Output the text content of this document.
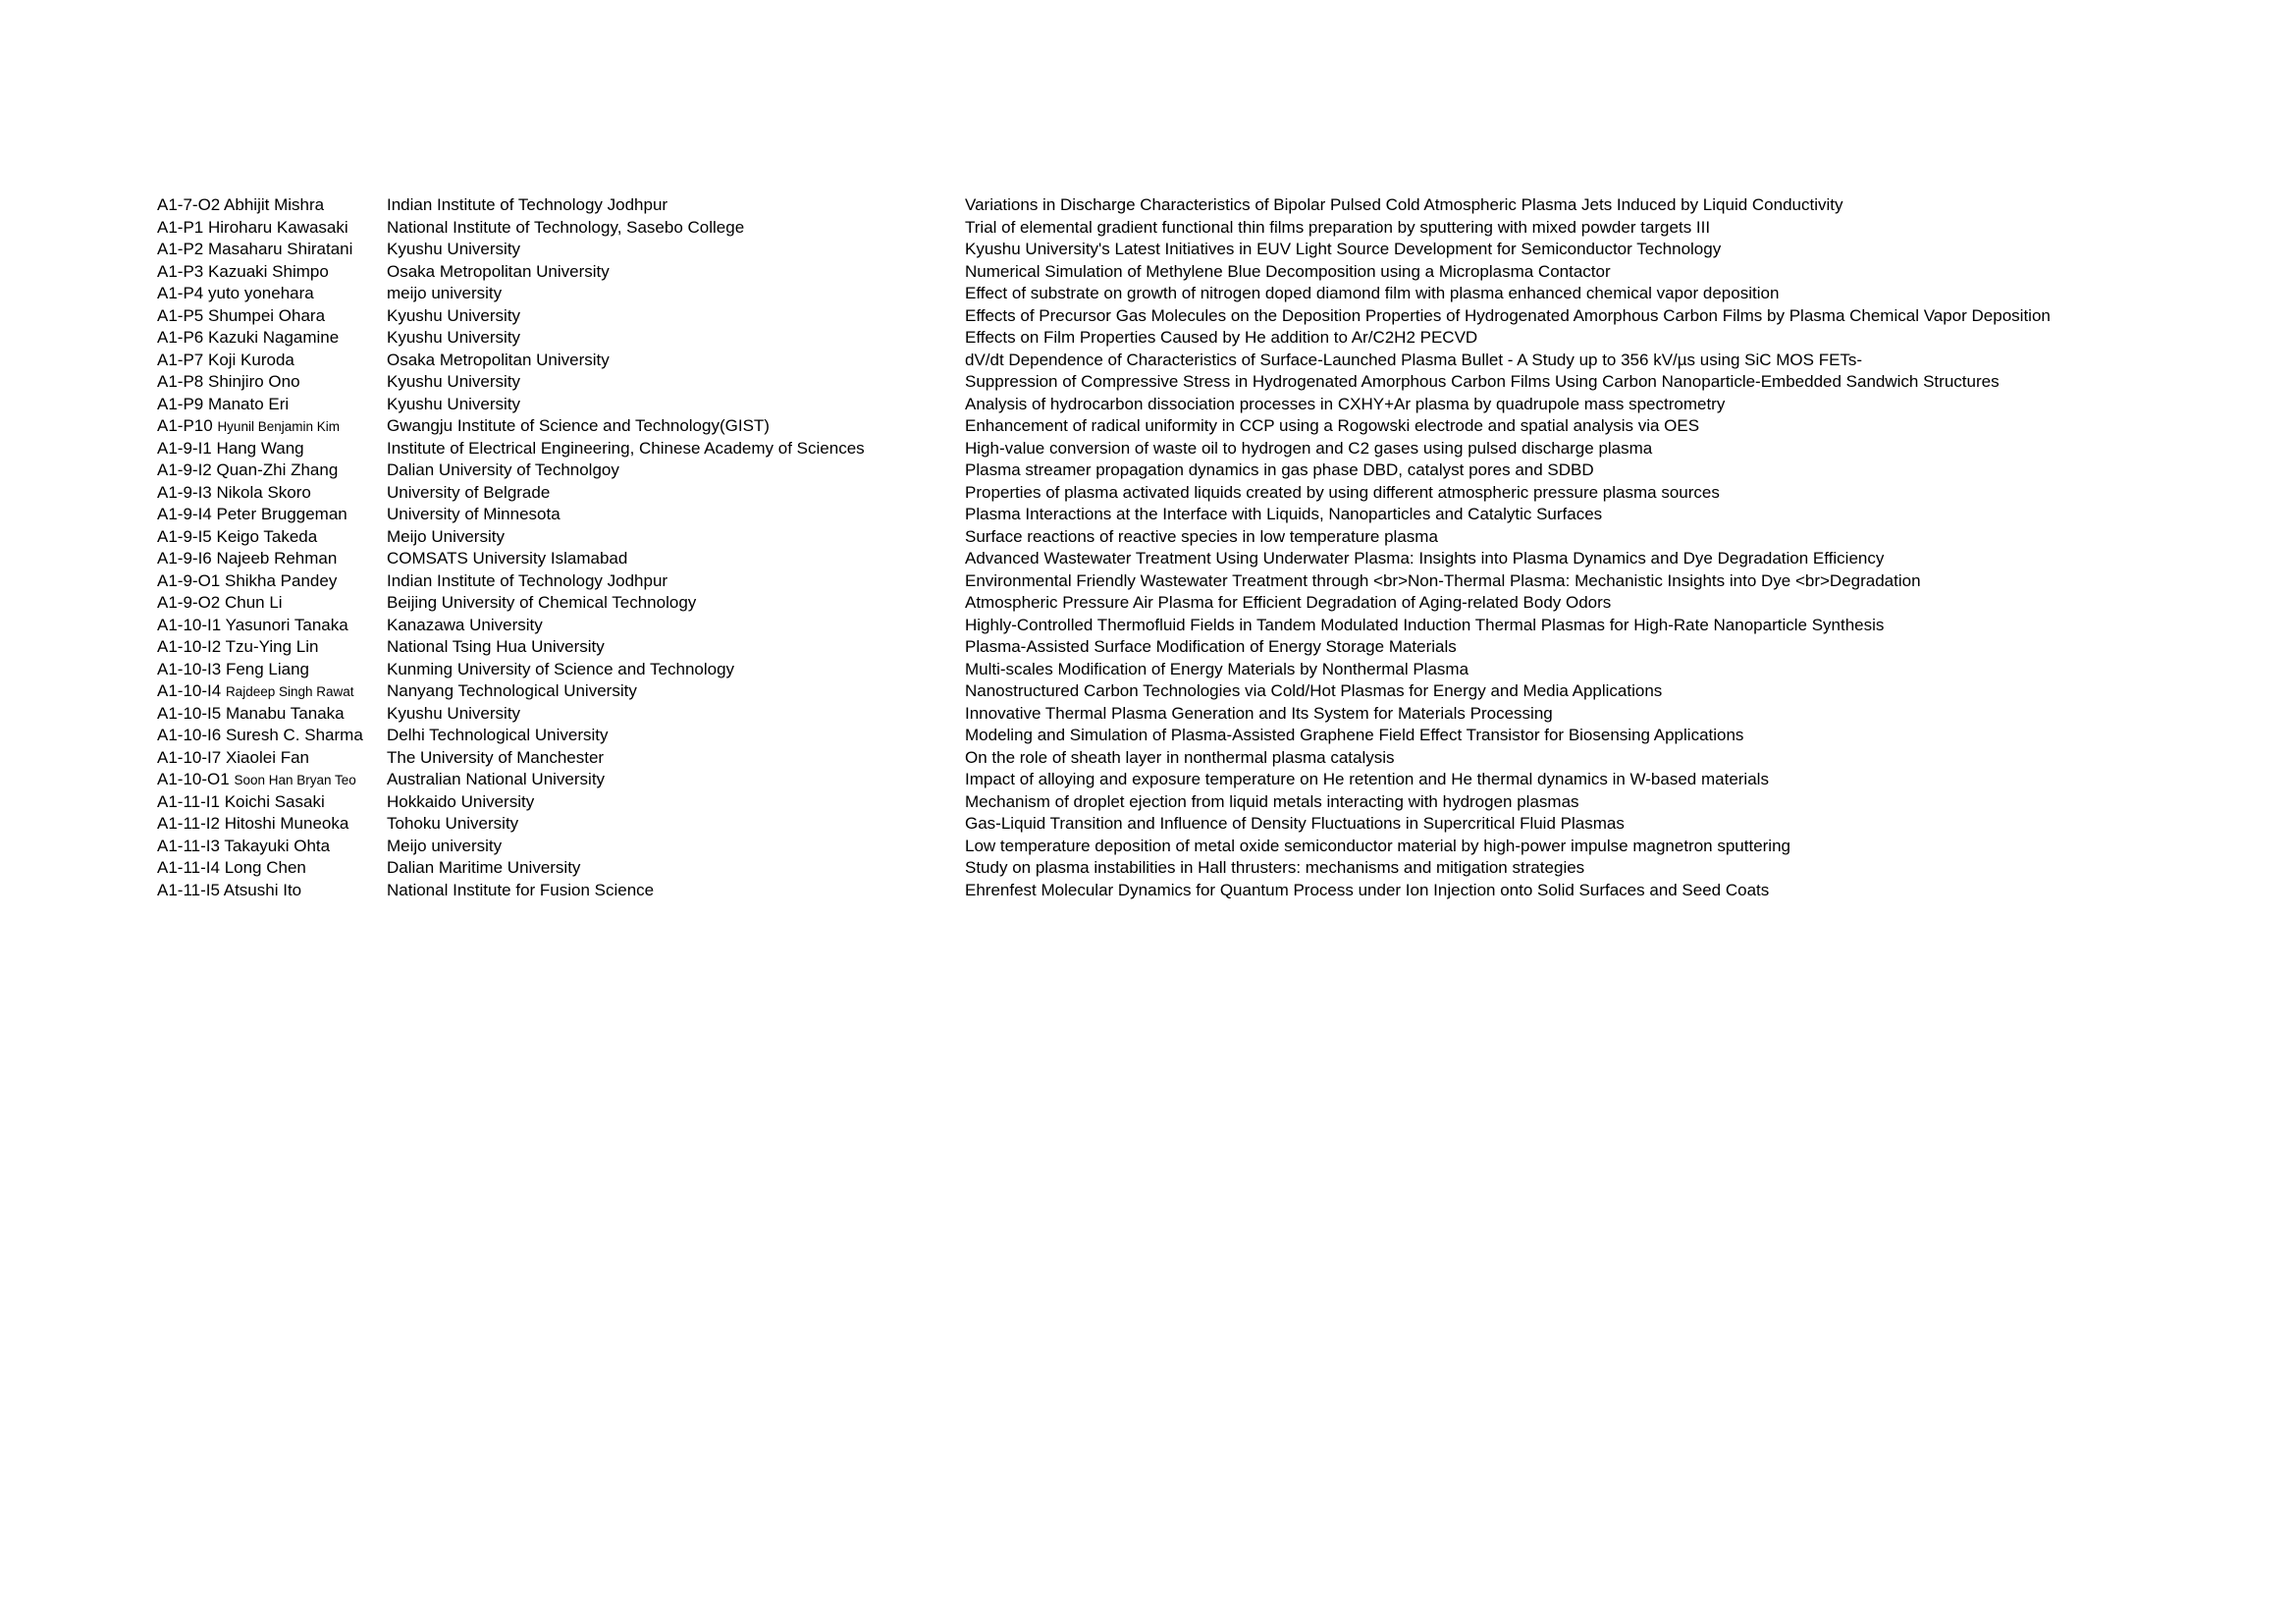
A1-7-O2 Abhijit Mishra	Indian Institute of Technology Jodhpur	Variations in Discharge Characteristics of Bipolar Pulsed Cold Atmospheric Plasma Jets Induced by Liquid Conductivity
A1-P1 Hiroharu Kawasaki	National Institute of Technology, Sasebo College	Trial of elemental gradient functional thin films preparation by sputtering with mixed powder targets III
A1-P2 Masaharu Shiratani	Kyushu University	Kyushu University's Latest Initiatives in EUV Light Source Development for Semiconductor Technology
A1-P3 Kazuaki Shimpo	Osaka Metropolitan University	Numerical Simulation of Methylene Blue Decomposition using a Microplasma Contactor
A1-P4 yuto yonehara	meijo university	Effect of substrate on growth of nitrogen doped diamond film with plasma enhanced chemical vapor deposition
A1-P5 Shumpei Ohara	Kyushu University	Effects of Precursor Gas Molecules on the Deposition Properties of Hydrogenated Amorphous Carbon Films by Plasma Chemical Vapor Deposition
A1-P6 Kazuki Nagamine	Kyushu University	Effects on Film Properties Caused by He addition to Ar/C2H2 PECVD
A1-P7 Koji Kuroda	Osaka Metropolitan University	dV/dt Dependence of Characteristics of Surface-Launched Plasma Bullet - A Study up to 356 kV/µs using SiC MOS FETs-
A1-P8 Shinjiro Ono	Kyushu University	Suppression of Compressive Stress in Hydrogenated Amorphous Carbon Films Using Carbon Nanoparticle-Embedded Sandwich Structures
A1-P9 Manato Eri	Kyushu University	Analysis of hydrocarbon dissociation processes in CXHY+Ar plasma by quadrupole mass spectrometry
A1-P10 Hyunil Benjamin Kim	Gwangju Institute of Science and Technology(GIST)	Enhancement of radical uniformity in CCP using a Rogowski electrode and spatial analysis via OES
A1-9-I1 Hang Wang	Institute of Electrical Engineering, Chinese Academy of Sciences	High-value conversion of waste oil to hydrogen and C2 gases using pulsed discharge plasma
A1-9-I2 Quan-Zhi Zhang	Dalian University of Technolgoy	Plasma streamer propagation dynamics in gas phase DBD, catalyst pores and SDBD
A1-9-I3 Nikola Skoro	University of Belgrade	Properties of plasma activated liquids created by using different atmospheric pressure plasma sources
A1-9-I4 Peter Bruggeman	University of Minnesota	Plasma Interactions at the Interface with Liquids, Nanoparticles and Catalytic Surfaces
A1-9-I5 Keigo Takeda	Meijo University	Surface reactions of reactive species in low temperature plasma
A1-9-I6 Najeeb Rehman	COMSATS University Islamabad	Advanced Wastewater Treatment Using Underwater Plasma: Insights into Plasma Dynamics and Dye Degradation Efficiency
A1-9-O1 Shikha Pandey	Indian Institute of Technology Jodhpur	Environmental Friendly Wastewater Treatment through <br>Non-Thermal Plasma: Mechanistic Insights into Dye <br>Degradation
A1-9-O2 Chun Li	Beijing University of Chemical Technology	Atmospheric Pressure Air Plasma for Efficient Degradation of Aging-related Body Odors
A1-10-I1 Yasunori Tanaka	Kanazawa University	Highly-Controlled Thermofluid Fields in Tandem Modulated Induction Thermal Plasmas for High-Rate Nanoparticle Synthesis
A1-10-I2 Tzu-Ying Lin	National Tsing Hua University	Plasma-Assisted Surface Modification of Energy Storage Materials
A1-10-I3 Feng Liang	Kunming University of Science and Technology	Multi-scales Modification of Energy Materials by Nonthermal Plasma
A1-10-I4 Rajdeep Singh Rawat	Nanyang Technological University	Nanostructured Carbon Technologies via Cold/Hot Plasmas for Energy and Media Applications
A1-10-I5 Manabu Tanaka	Kyushu University	Innovative Thermal Plasma Generation and Its System for Materials Processing
A1-10-I6 Suresh C. Sharma	Delhi Technological University	Modeling and Simulation of Plasma-Assisted Graphene Field Effect Transistor for Biosensing Applications
A1-10-I7 Xiaolei Fan	The University of Manchester	On the role of sheath layer in nonthermal plasma catalysis
A1-10-O1 Soon Han Bryan Teo	Australian National University	Impact of alloying and exposure temperature on He retention and He thermal dynamics in W-based materials
A1-11-I1 Koichi Sasaki	Hokkaido University	Mechanism of droplet ejection from liquid metals interacting with hydrogen plasmas
A1-11-I2 Hitoshi Muneoka	Tohoku University	Gas-Liquid Transition and Influence of Density Fluctuations in Supercritical Fluid Plasmas
A1-11-I3 Takayuki Ohta	Meijo university	Low temperature deposition of metal oxide semiconductor material by high-power impulse magnetron sputtering
A1-11-I4 Long Chen	Dalian Maritime University	Study on plasma instabilities in Hall thrusters: mechanisms and mitigation strategies
A1-11-I5 Atsushi Ito	National Institute for Fusion Science	Ehrenfest Molecular Dynamics for Quantum Process under Ion Injection onto Solid Surfaces and Seed Coats
